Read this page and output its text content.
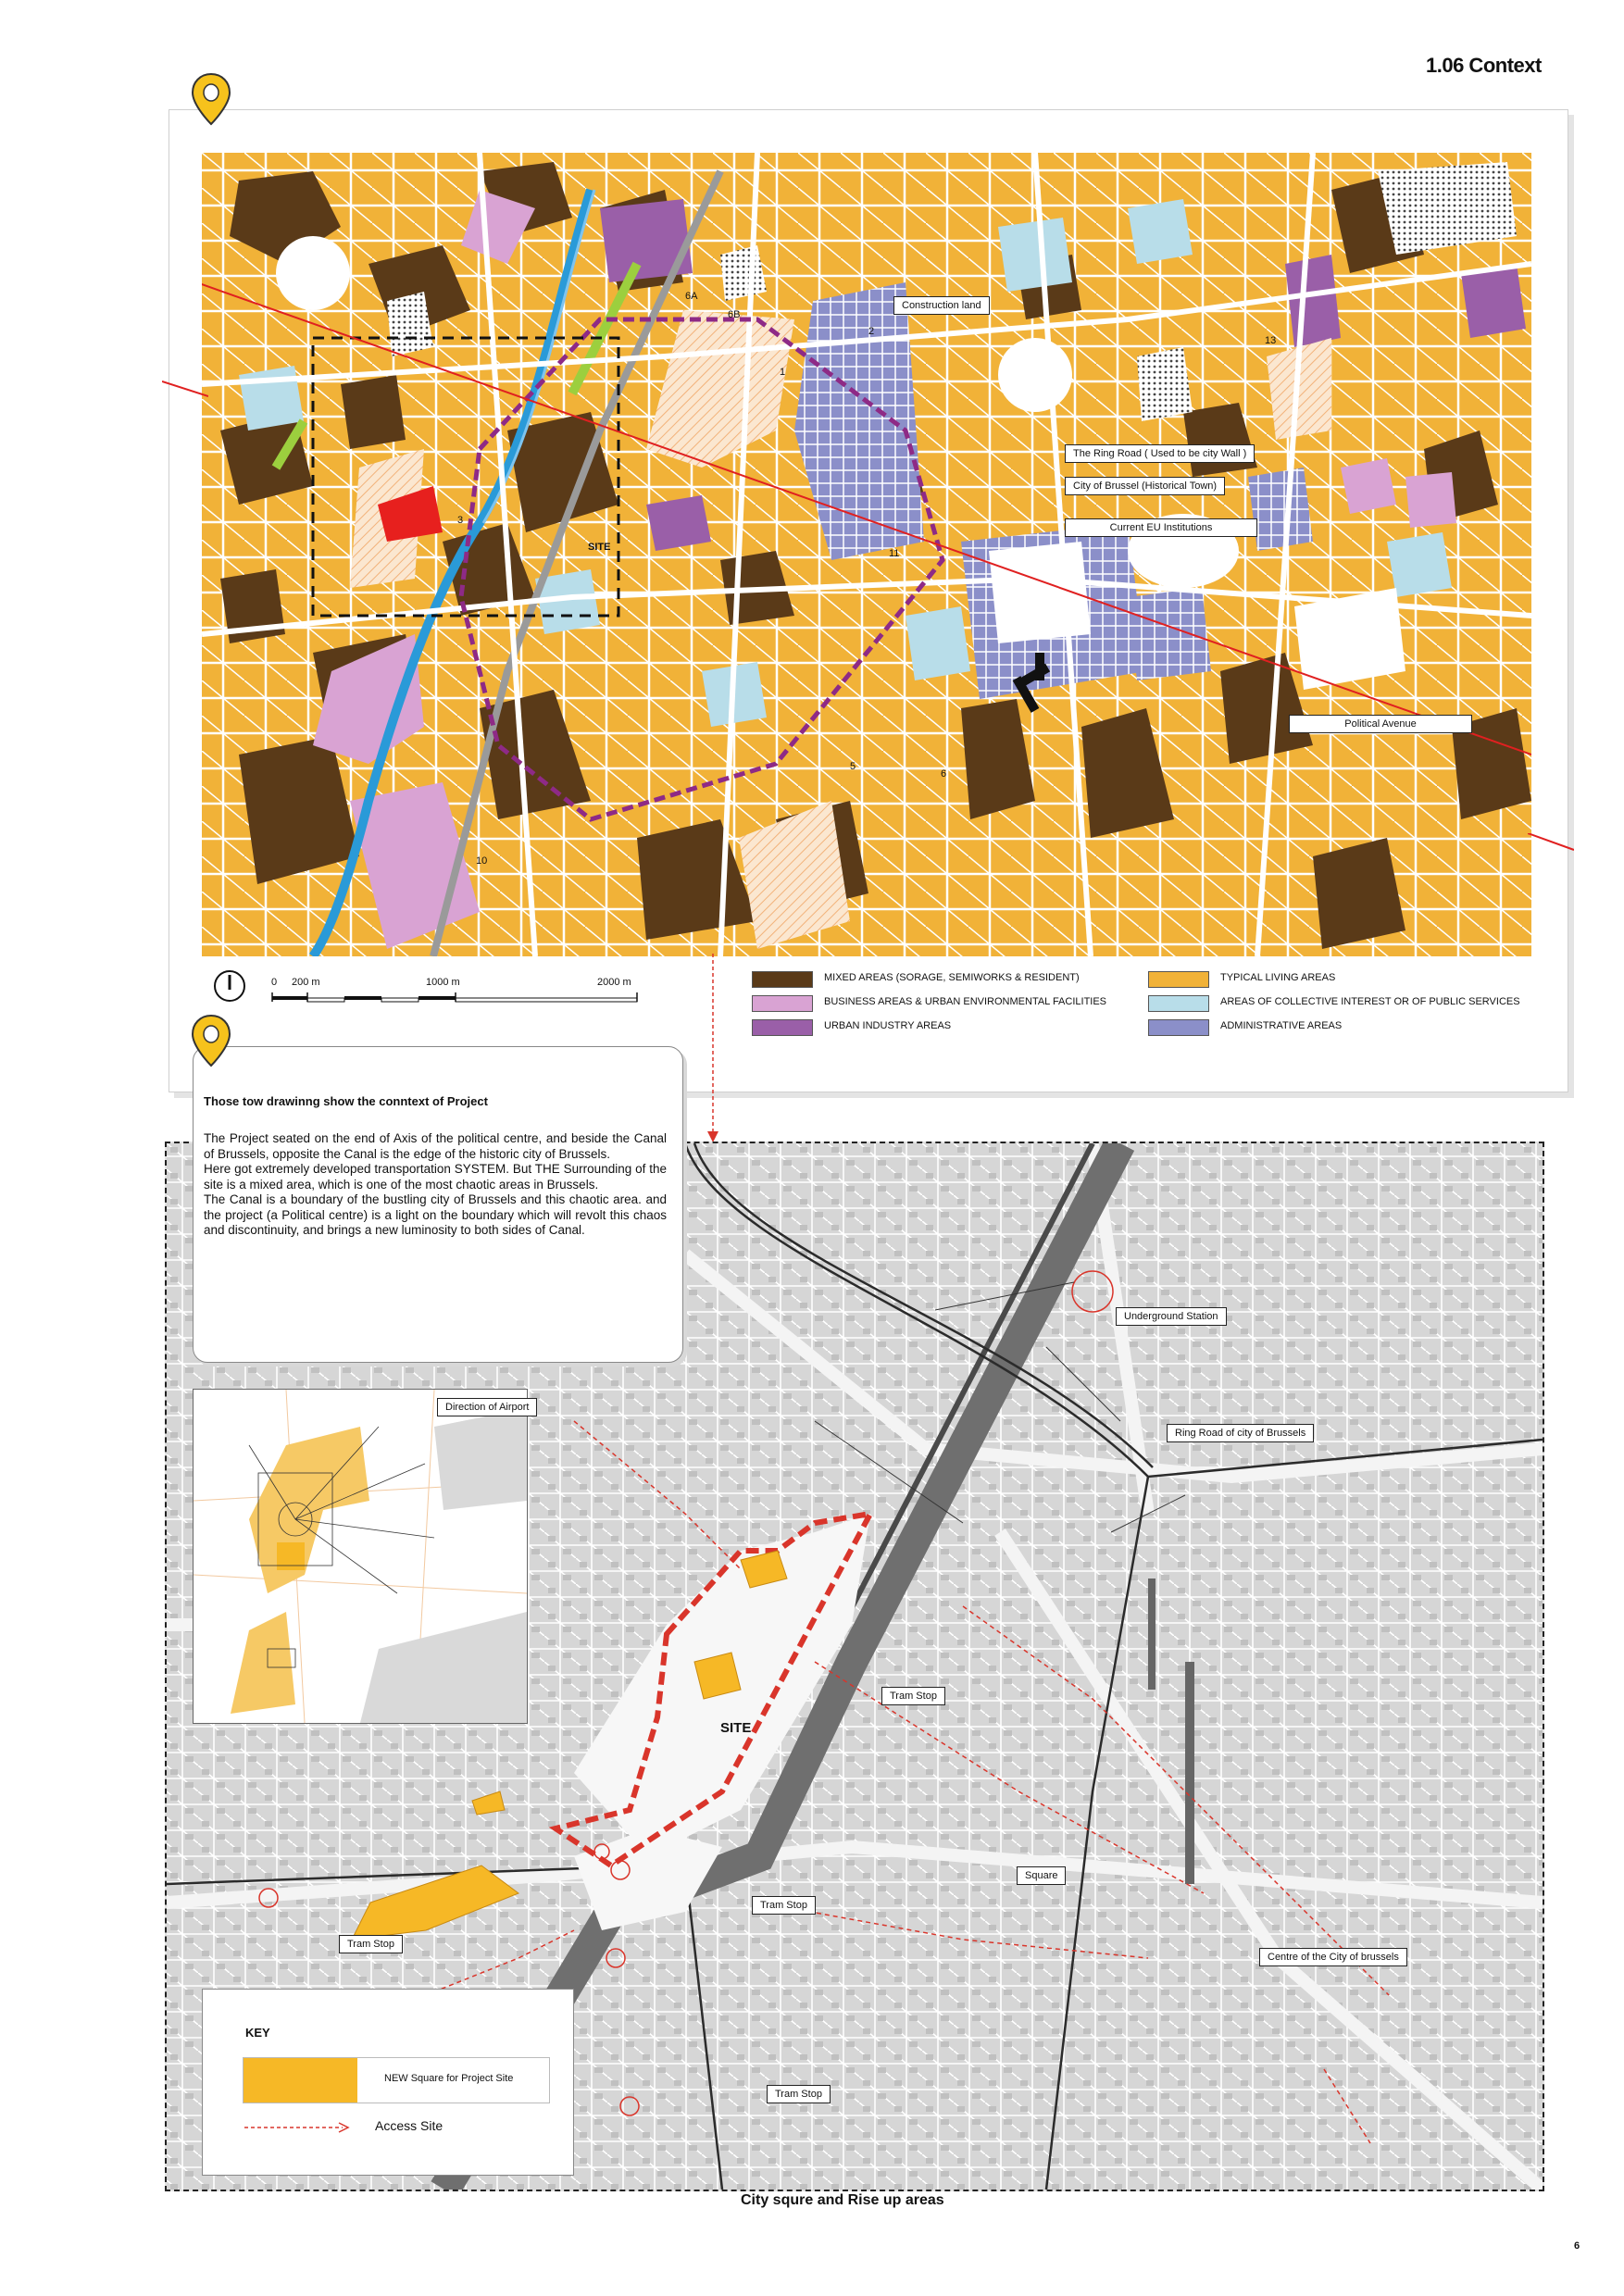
1.06 Context
SITE
1
2
3
5
6
6A
6B
10
11
13
Construction land
The Ring Road ( Used to be city Wall )
City of Brussel (Historical Town)
Current EU Institutions
Political Avenue
0 200 m	1000 m	2000 m	MIXED AREAS (SORAGE, SEMIWORKS & RESIDENT)
BUSINESS AREAS & URBAN ENVIRONMENTAL FACILITIES
URBAN INDUSTRY AREAS
TYPICAL LIVING AREAS
AREAS OF COLLECTIVE INTEREST OR OF PUBLIC SERVICES
ADMINISTRATIVE AREAS
Underground Station
Ring Road of city of Brussels
Tram Stop
Tram Stop
Tram Stop
Tram Stop
Square
Centre of the City of brussels
SITE
Direction of Airport
Those tow drawinng show the conntext of Project

The Project seated on the end of Axis of the political centre, and beside the Canal of Brussels, opposite the Canal is the edge of the historic city of Brussels.

Here got extremely developed transportation SYSTEM. But THE Surrounding of the site is a mixed area, which is one of the most chaotic areas in Brussels.

The Canal is a boundary of the bustling city of Brussels and this chaotic area. and the project (a Political centre) is a light on the boundary which will revolt this chaos and discontinuity, and brings a new luminosity to both sides of Canal.

KEY
NEW Square for Project Site
Access Site
City squre and Rise up areas
6
